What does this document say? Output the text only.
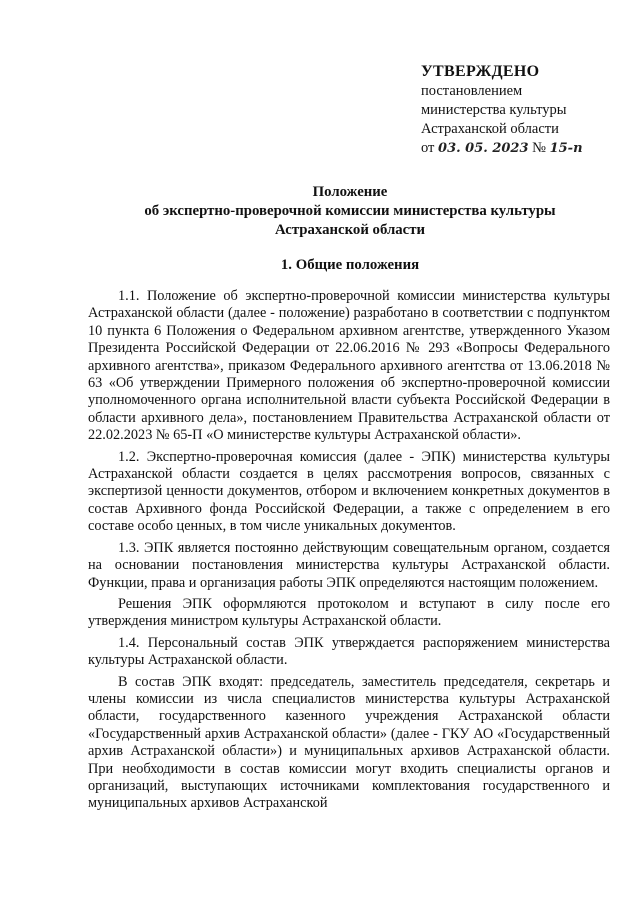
УТВЕРЖДЕНО
постановлением
министерства культуры
Астраханской области
от 03. 05. 2023 № 15-п
Положение
об экспертно-проверочной комиссии министерства культуры
Астраханской области
1. Общие положения

1.1. Положение об экспертно-проверочной комиссии министерства культуры Астраханской области (далее - положение) разработано в соответствии с подпунктом 10 пункта 6 Положения о Федеральном архивном агентстве, утвержденного Указом Президента Российской Федерации от 22.06.2016 № 293 «Вопросы Федерального архивного агентства», приказом Федерального архивного агентства от 13.06.2018 № 63 «Об утверждении Примерного положения об экспертно-проверочной комиссии уполномоченного органа исполнительной власти субъекта Российской Федерации в области архивного дела», постановлением Правительства Астраханской области от 22.02.2023 № 65-П «О министерстве культуры Астраханской области».

1.2. Экспертно-проверочная комиссия (далее - ЭПК) министерства культуры Астраханской области создается в целях рассмотрения вопросов, связанных с экспертизой ценности документов, отбором и включением конкретных документов в состав Архивного фонда Российской Федерации, а также с определением в его составе особо ценных, в том числе уникальных документов.

1.3. ЭПК является постоянно действующим совещательным органом, создается на основании постановления министерства культуры Астраханской области. Функции, права и организация работы ЭПК определяются настоящим положением.

Решения ЭПК оформляются протоколом и вступают в силу после его утверждения министром культуры Астраханской области.

1.4. Персональный состав ЭПК утверждается распоряжением министерства культуры Астраханской области.

В состав ЭПК входят: председатель, заместитель председателя, секретарь и члены комиссии из числа специалистов министерства культуры Астраханской области, государственного казенного учреждения Астраханской области «Государственный архив Астраханской области» (далее - ГКУ АО «Государственный архив Астраханской области») и муниципальных архивов Астраханской области. При необходимости в состав комиссии могут входить специалисты органов и организаций, выступающих источниками комплектования государственного и муниципальных архивов Астраханской
